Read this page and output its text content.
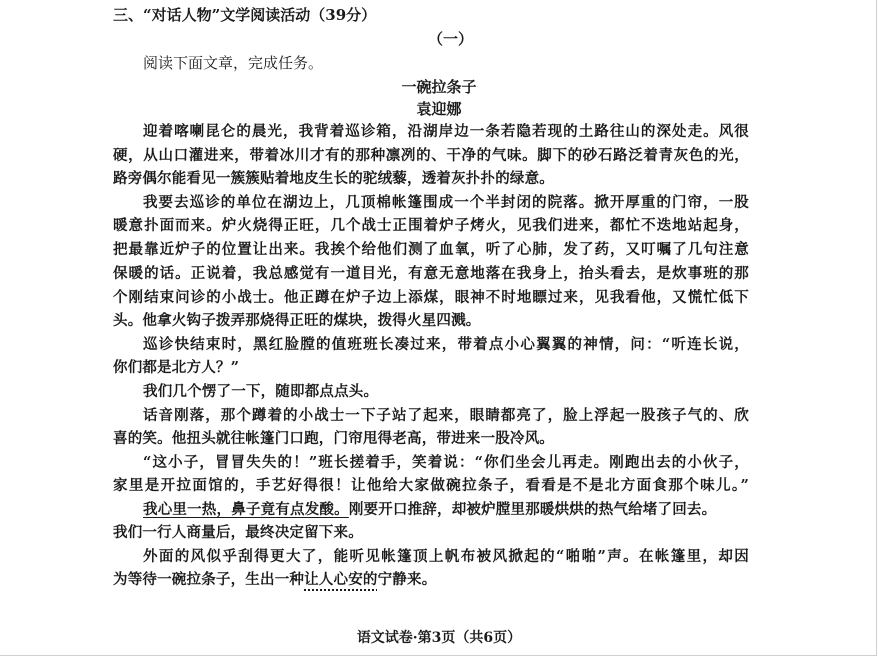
三、“对话人物”文学阅读活动（39分）
（一）
阅读下面文章，完成任务。
一碗拉条子
袁迎娜
迎着喀喇昆仑的晨光，我背着巡诊箱，沿湖岸边一条若隐若现的土路往山的深处走。风很
硬，从山口灌进来，带着冰川才有的那种凛冽的、干净的气味。脚下的砂石路泛着青灰色的光，
路旁偶尔能看见一簇簇贴着地皮生长的驼绒藜，透着灰扑扑的绿意。
我要去巡诊的单位在湖边上，几顶棉帐篷围成一个半封闭的院落。掀开厚重的门帘，一股
暖意扑面而来。炉火烧得正旺，几个战士正围着炉子烤火，见我们进来，都忙不迭地站起身，
把最靠近炉子的位置让出来。我挨个给他们测了血氧，听了心肺，发了药，又叮嘱了几句注意
保暖的话。正说着，我总感觉有一道目光，有意无意地落在我身上，抬头看去，是炊事班的那
个刚结束问诊的小战士。他正蹲在炉子边上添煤，眼神不时地瞟过来，见我看他，又慌忙低下
头。他拿火钩子拨弄那烧得正旺的煤块，拨得火星四溅。
巡诊快结束时，黑红脸膛的值班班长凑过来，带着点小心翼翼的神情，问：“听连长说，
你们都是北方人？”
我们几个愣了一下，随即都点点头。
话音刚落，那个蹲着的小战士一下子站了起来，眼睛都亮了，脸上浮起一股孩子气的、欣
喜的笑。他扭头就往帐篷门口跑，门帘甩得老高，带进来一股冷风。
“这小子，冒冒失失的！”班长搓着手，笑着说：“你们坐会儿再走。刚跑出去的小伙子，
家里是开拉面馆的，手艺好得很！让他给大家做碗拉条子，看看是不是北方面食那个味儿。”
我心里一热，鼻子竟有点发酸。刚要开口推辞，却被炉膛里那暖烘烘的热气给堵了回去。
我们一行人商量后，最终决定留下来。
外面的风似乎刮得更大了，能听见帐篷顶上帆布被风掀起的“啪啪”声。在帐篷里，却因
为等待一碗拉条子，生出一种让人心安的宁静来。
语文试卷·第3页（共6页）
